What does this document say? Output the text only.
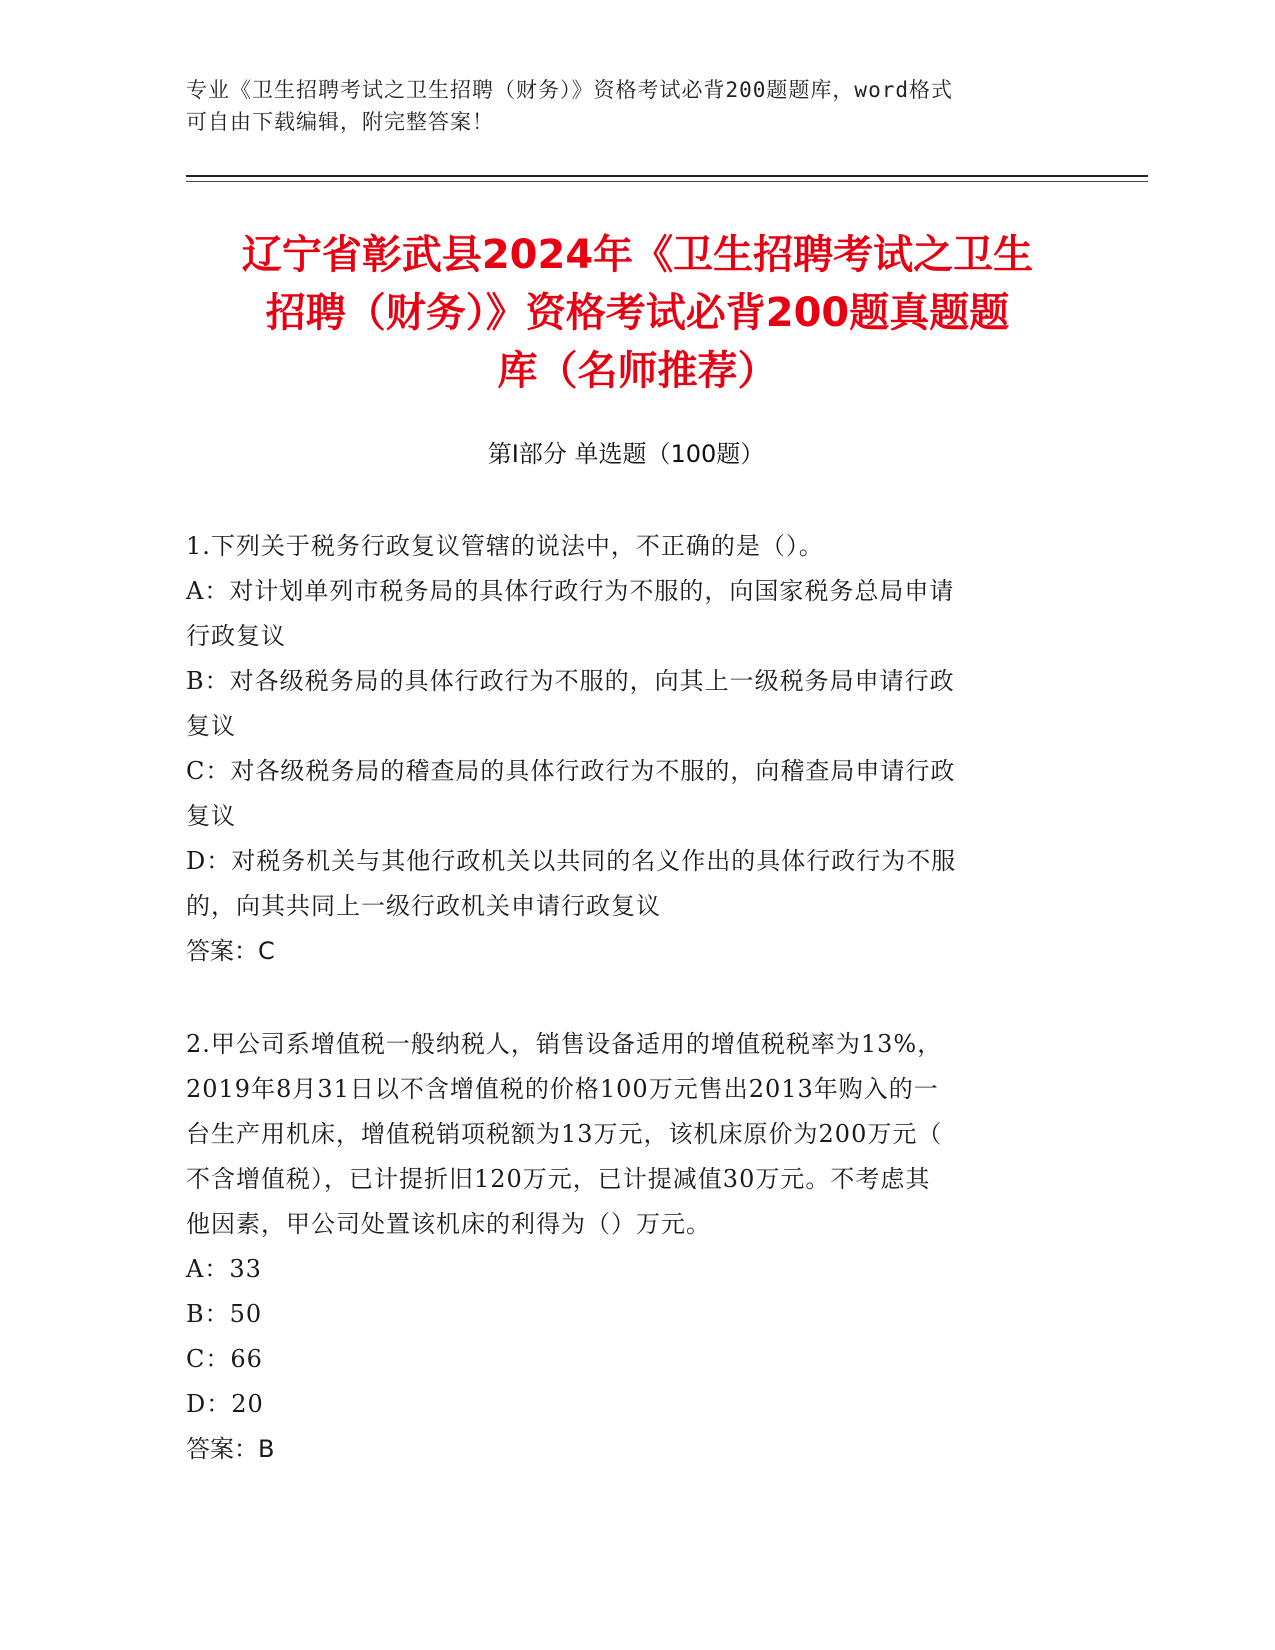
专业《卫生招聘考试之卫生招聘（财务）》资格考试必背200题题库，word格式
可自由下载编辑，附完整答案！
辽宁省彰武县2024年《卫生招聘考试之卫生
招聘（财务）》资格考试必背200题真题题
库（名师推荐）
第Ⅰ部分 单选题（100题）
1.下列关于税务行政复议管辖的说法中，不正确的是（）。
A：对计划单列市税务局的具体行政行为不服的，向国家税务总局申请
行政复议
B：对各级税务局的具体行政行为不服的，向其上一级税务局申请行政
复议
C：对各级税务局的稽查局的具体行政行为不服的，向稽查局申请行政
复议
D：对税务机关与其他行政机关以共同的名义作出的具体行政行为不服
的，向其共同上一级行政机关申请行政复议
答案：C
2.甲公司系增值税一般纳税人，销售设备适用的增值税税率为13%，
2019年8月31日以不含增值税的价格100万元售出2013年购入的一
台生产用机床，增值税销项税额为13万元，该机床原价为200万元（
不含增值税），已计提折旧120万元，已计提减值30万元。不考虑其
他因素，甲公司处置该机床的利得为（）万元。
A：33
B：50
C：66
D：20
答案：B
